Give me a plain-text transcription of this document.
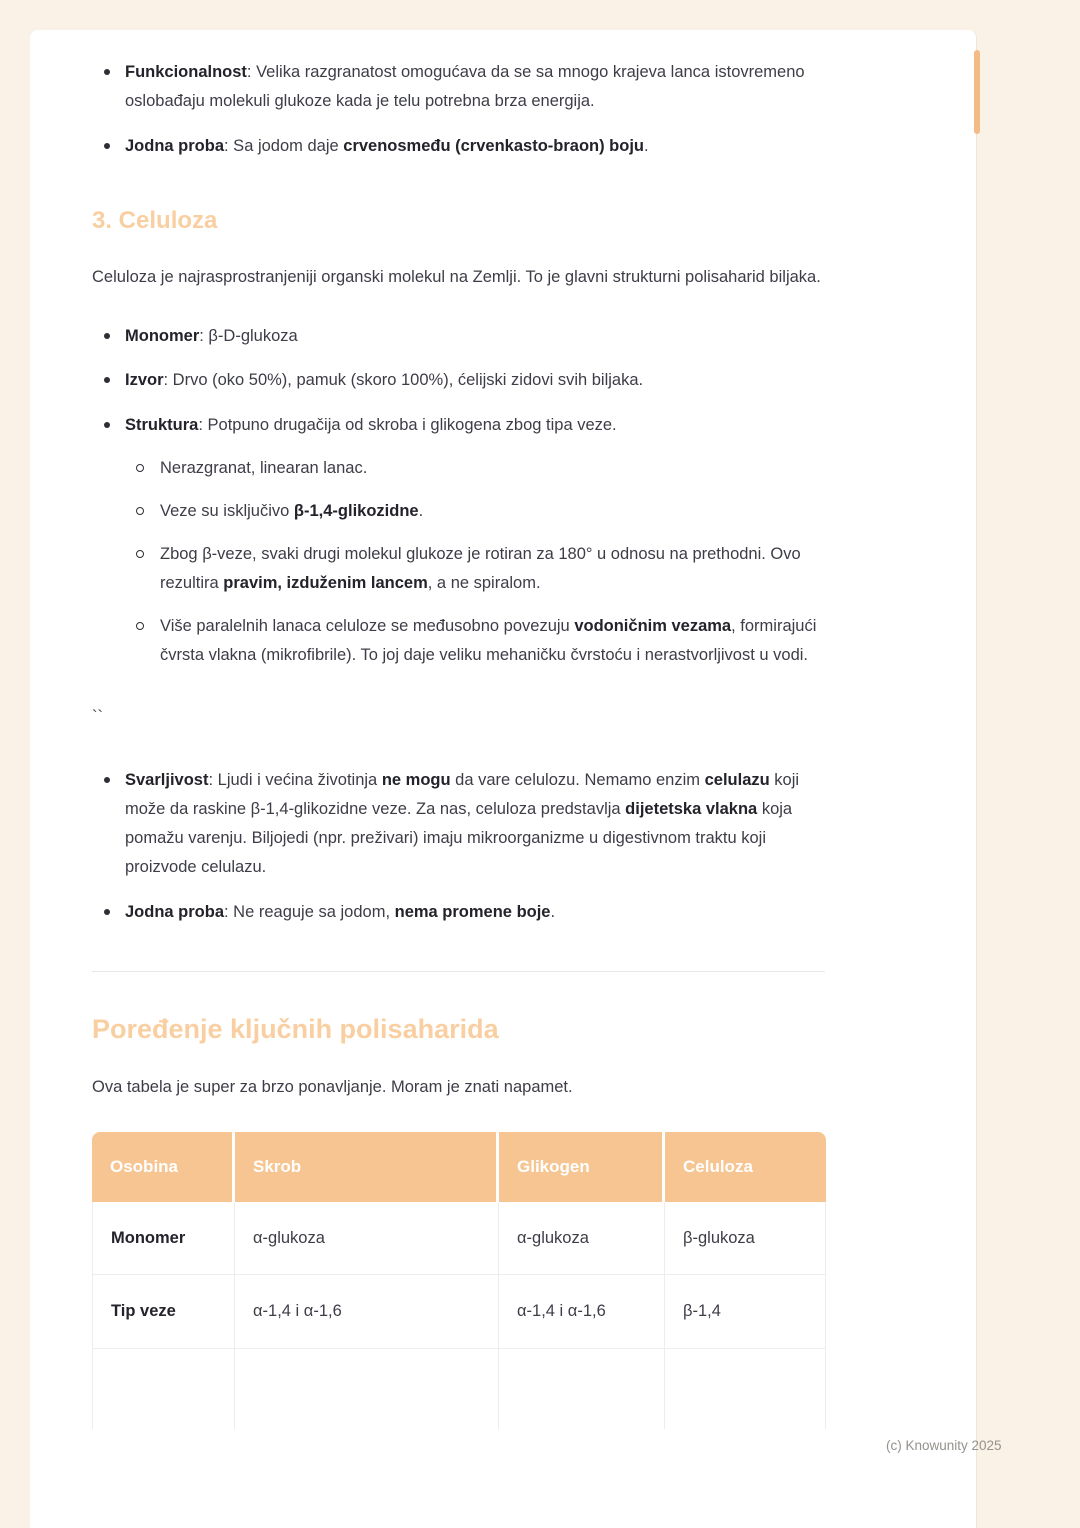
Funkcionalnost: Velika razgranatost omogućava da se sa mnogo krajeva lanca istovremeno oslobađaju molekuli glukoze kada je telu potrebna brza energija.
Jodna proba: Sa jodom daje crvenosmeđu (crvenkasto-braon) boju.
3. Celuloza

Celuloza je najrasprostranjeniji organski molekul na Zemlji. To je glavni strukturni polisaharid biljaka.

Monomer: β-D-glukoza
Izvor: Drvo (oko 50%), pamuk (skoro 100%), ćelijski zidovi svih biljaka.
Struktura: Potpuno drugačija od skroba i glikogena zbog tipa veze.
Nerazgranat, linearan lanac.
Veze su isključivo β-1,4-glikozidne.
Zbog β-veze, svaki drugi molekul glukoze je rotiran za 180° u odnosu na prethodni. Ovo rezultira pravim, izduženim lancem, a ne spiralom.
Više paralelnih lanaca celuloze se međusobno povezuju vodoničnim vezama, formirajući čvrsta vlakna (mikrofibrile). To joj daje veliku mehaničku čvrstoću i nerastvorljivost u vodi.

``

Svarljivost: Ljudi i većina životinja ne mogu da vare celulozu. Nemamo enzim celulazu koji može da raskine β-1,4-glikozidne veze. Za nas, celuloza predstavlja dijetetska vlakna koja pomažu varenju. Biljojedi (npr. preživari) imaju mikroorganizme u digestivnom traktu koji proizvode celulazu.
Jodna proba: Ne reaguje sa jodom, nema promene boje.
Poređenje ključnih polisaharida

Ova tabela je super za brzo ponavljanje. Moram je znati napamet.

Osobina	Skrob	Glikogen	Celuloza
Monomer	α-glukoza	α-glukoza	β-glukoza
Tip veze	α-1,4 i α-1,6	α-1,4 i α-1,6	β-1,4

(c) Knowunity 2025
